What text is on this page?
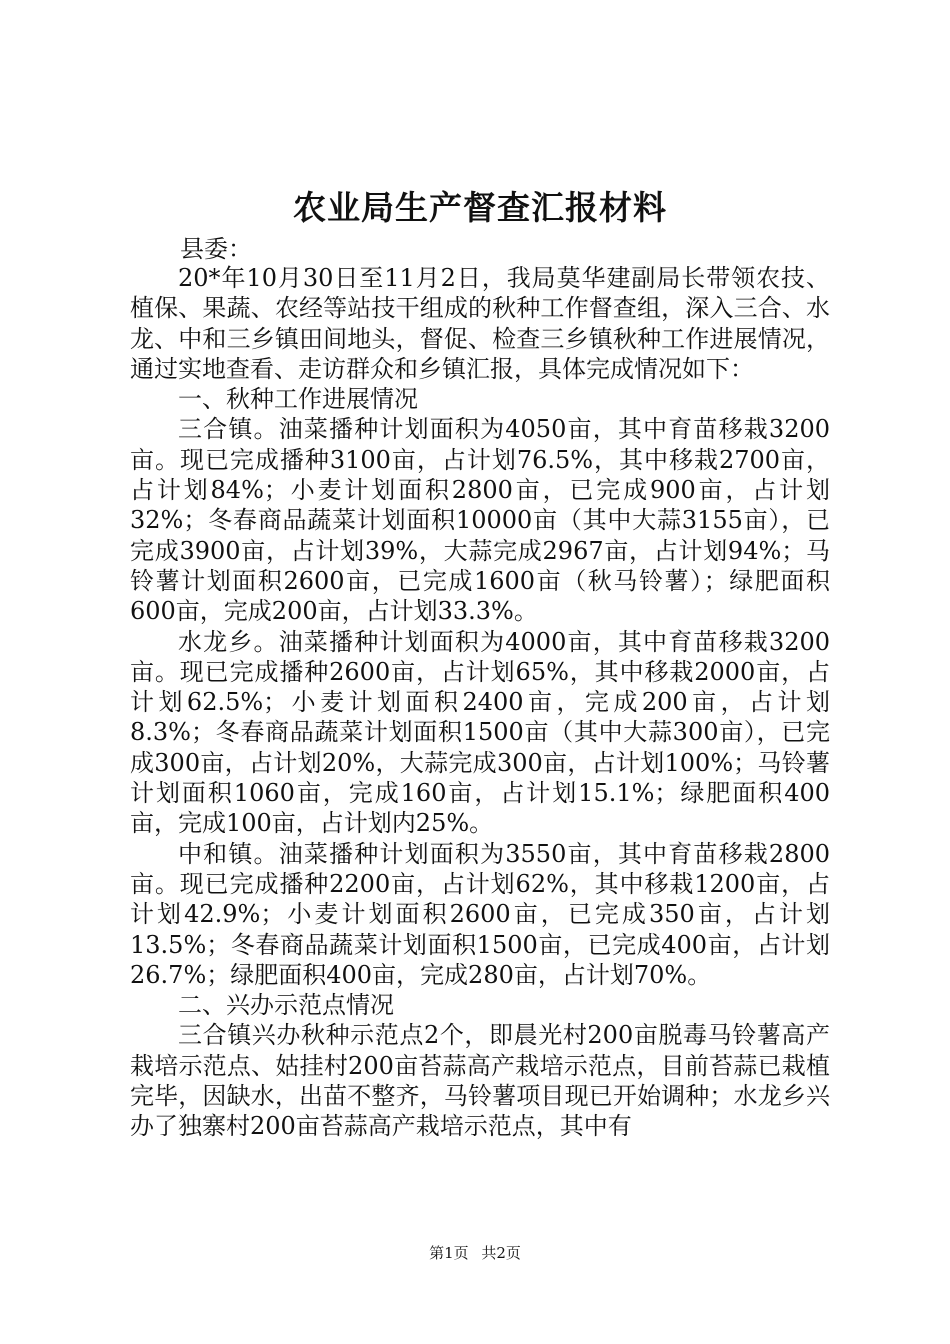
农业局生产督查汇报材料

县委：

20*年10月30日至11月2日，我局莫华建副局长带领农技、植保、果蔬、农经等站技干组成的秋种工作督查组，深入三合、水龙、中和三乡镇田间地头，督促、检查三乡镇秋种工作进展情况，通过实地查看、走访群众和乡镇汇报，具体完成情况如下：

一、秋种工作进展情况

三合镇。油菜播种计划面积为4050亩，其中育苗移栽3200亩。现已完成播种3100亩，占计划76.5%，其中移栽2700亩，占计划84%；小麦计划面积2800亩，已完成900亩，占计划32%；冬春商品蔬菜计划面积10000亩（其中大蒜3155亩），已完成3900亩，占计划39%，大蒜完成2967亩，占计划94%；马铃薯计划面积2600亩，已完成1600亩（秋马铃薯）；绿肥面积600亩，完成200亩，占计划33.3%。

水龙乡。油菜播种计划面积为4000亩，其中育苗移栽3200亩。现已完成播种2600亩，占计划65%，其中移栽2000亩，占计划62.5%；小麦计划面积2400亩，完成200亩，占计划8.3%；冬春商品蔬菜计划面积1500亩（其中大蒜300亩），已完成300亩，占计划20%，大蒜完成300亩，占计划100%；马铃薯计划面积1060亩，完成160亩，占计划15.1%；绿肥面积400亩，完成100亩，占计划内25%。

中和镇。油菜播种计划面积为3550亩，其中育苗移栽2800亩。现已完成播种2200亩，占计划62%，其中移栽1200亩，占计划42.9%；小麦计划面积2600亩，已完成350亩，占计划13.5%；冬春商品蔬菜计划面积1500亩，已完成400亩，占计划26.7%；绿肥面积400亩，完成280亩，占计划70%。

二、兴办示范点情况

三合镇兴办秋种示范点2个，即晨光村200亩脱毒马铃薯高产栽培示范点、姑挂村200亩苔蒜高产栽培示范点，目前苔蒜已栽植完毕，因缺水，出苗不整齐，马铃薯项目现已开始调种；水龙乡兴办了独寨村200亩苔蒜高产栽培示范点，其中有

第1页 共2页
